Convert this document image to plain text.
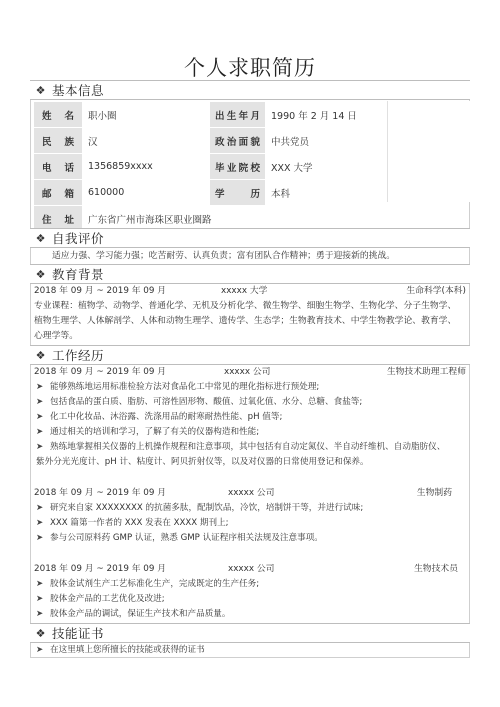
个人求职简历
❖ 基本信息
姓 名	职小圈	出生年月	1990 年 2 月 14 日
民 族	汉	政治面貌	中共党员
电 话	1356859xxxx	毕业院校	XXX 大学
邮 箱	610000	学 历	本科
住 址	广东省广州市海珠区职业圈路		
❖ 自我评价
适应力强、学习能力强；吃苦耐劳、认真负责；富有团队合作精神；勇于迎接新的挑战。
❖ 教育背景
2018 年 09 月 ~ 2019 年 09 月	xxxxx 大学	生命科学(本科)
专业课程：植物学、动物学、普通化学、无机及分析化学、微生物学、细胞生物学、生物化学、分子生物学、
植物生理学、人体解剖学、人体和动物生理学、遗传学、生态学；生物教育技术、中学生物教学论、教育学、
心理学等。
❖ 工作经历
2018 年 09 月 ~ 2019 年 09 月	xxxxx 公司	生物技术助理工程师
➤ 能够熟练地运用标准检验方法对食品化工中常见的理化指标进行预处理;
➤ 包括食品的蛋白质、脂肪、可溶性固形物、酸值、过氧化值、水分、总糖、食盐等;
➤ 化工中化妆品、沐浴露、洗涤用品的耐寒耐热性能、pH 值等;
➤ 通过相关的培训和学习，了解了有关的仪器构造和性能;
➤ 熟练地掌握相关仪器的上机操作规程和注意事项，其中包括有自动定氮仪、半自动纤维机、自动脂肪仪、
紫外分光光度计、pH 计、粘度计、阿贝折射仪等，以及对仪器的日常使用登记和保养。
2018 年 09 月 ~ 2019 年 09 月	xxxxx 公司	生物制药
➤ 研究来自家 XXXXXXXX 的抗菌多肽，配制饮品，冷饮，培制饼干等，并进行试味;
➤ XXX 篇第一作者的 XXX 发表在 XXXX 期刊上;
➤ 参与公司原料药 GMP 认证，熟悉 GMP 认证程序相关法规及注意事项。
2018 年 09 月 ~ 2019 年 09 月	xxxxx 公司	生物技术员
➤ 胶体金试剂生产工艺标准化生产，完成既定的生产任务;
➤ 胶体金产品的工艺优化及改进;
➤ 胶体金产品的调试，保证生产技术和产品质量。
❖ 技能证书
➤ 在这里填上您所擅长的技能或获得的证书
